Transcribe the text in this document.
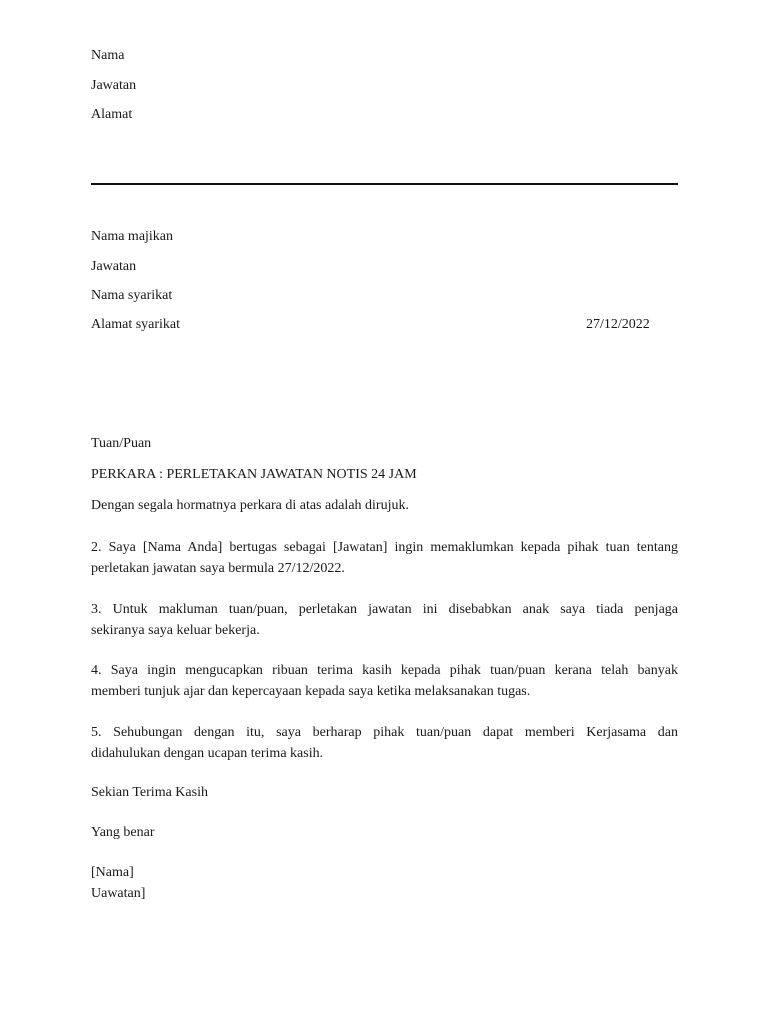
Nama
Jawatan
Alamat
Nama majikan
Jawatan
Nama syarikat
Alamat syarikat	27/12/2022
Tuan/Puan
PERKARA : PERLETAKAN JAWATAN NOTIS 24 JAM
Dengan segala hormatnya perkara di atas adalah dirujuk.
2. Saya [Nama Anda] bertugas sebagai [Jawatan] ingin memaklumkan kepada pihak tuan tentang
perletakan jawatan saya bermula 27/12/2022.
3. Untuk makluman tuan/puan, perletakan jawatan ini disebabkan anak saya tiada penjaga
sekiranya saya keluar bekerja.
4. Saya ingin mengucapkan ribuan terima kasih kepada pihak tuan/puan kerana telah banyak
memberi tunjuk ajar dan kepercayaan kepada saya ketika melaksanakan tugas.
5. Sehubungan dengan itu, saya berharap pihak tuan/puan dapat memberi Kerjasama dan
didahulukan dengan ucapan terima kasih.
Sekian Terima Kasih
Yang benar
[Nama]
Uawatan]
